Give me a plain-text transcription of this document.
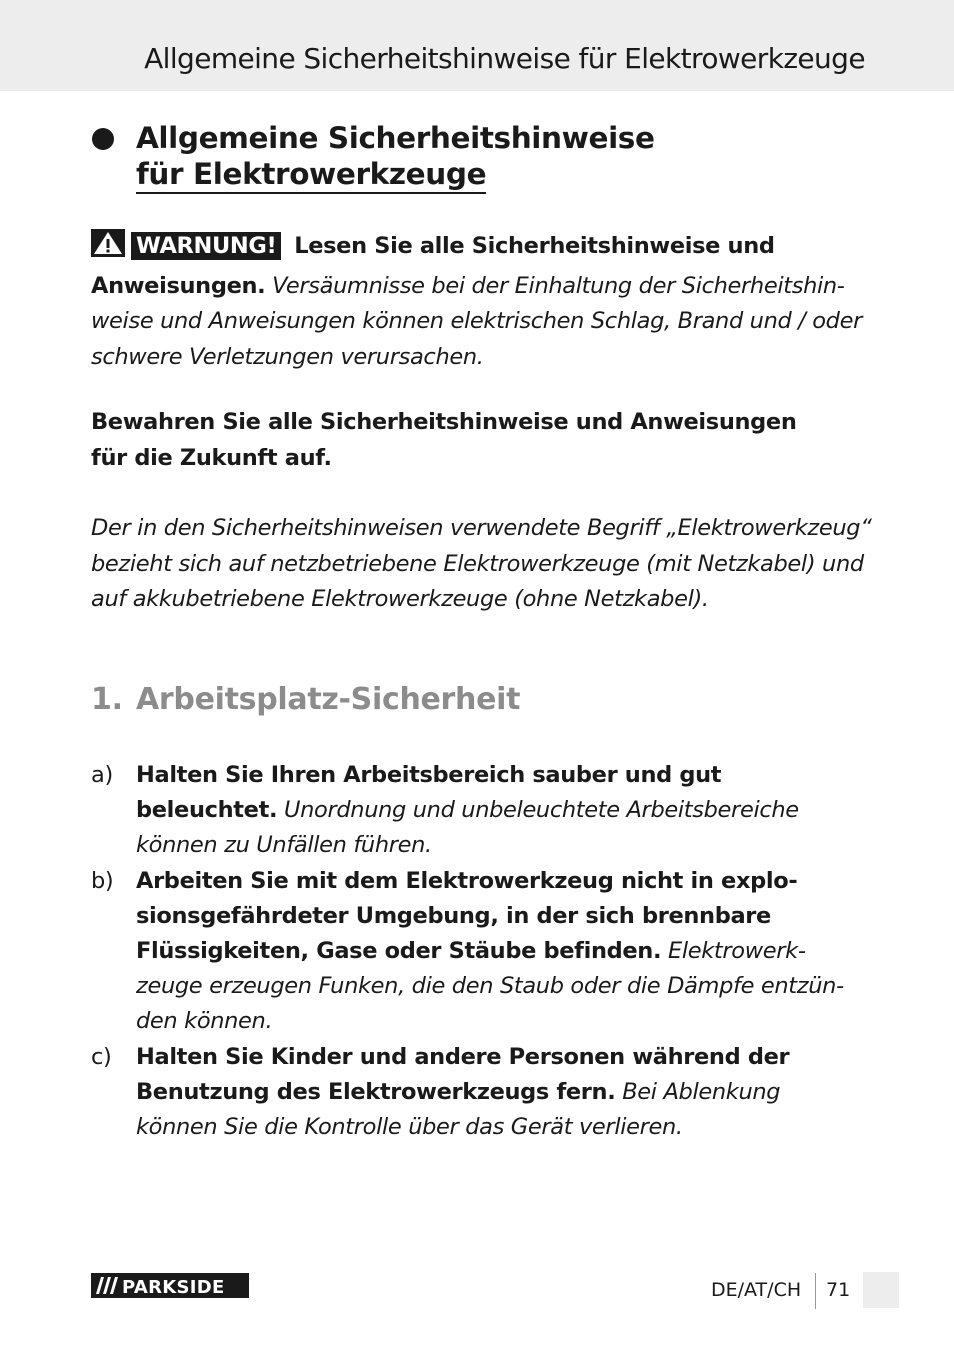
Allgemeine Sicherheitshinweise für Elektrowerkzeuge
Allgemeine Sicherheitshinweise
für Elektrowerkzeuge

WARNUNG! Lesen Sie alle Sicherheitshinweise und
Anweisungen. Versäumnisse bei der Einhaltung der Sicherheitshin-
weise und Anweisungen können elektrischen Schlag, Brand und / oder
schwere Verletzungen verursachen.

Bewahren Sie alle Sicherheitshinweise und Anweisungen
für die Zukunft auf.

Der in den Sicherheitshinweisen verwendete Begriff „Elektrowerkzeug“
bezieht sich auf netzbetriebene Elektrowerkzeuge (mit Netzkabel) und
auf akkubetriebene Elektrowerkzeuge (ohne Netzkabel).

1. Arbeitsplatz-Sicherheit

a) Halten Sie Ihren Arbeitsbereich sauber und gut
beleuchtet. Unordnung und unbeleuchtete Arbeitsbereiche
können zu Unfällen führen.

b) Arbeiten Sie mit dem Elektrowerkzeug nicht in explo-
sionsgefährdeter Umgebung, in der sich brennbare
Flüssigkeiten, Gase oder Stäube befinden. Elektrowerk-
zeuge erzeugen Funken, die den Staub oder die Dämpfe entzün-
den können.

c) Halten Sie Kinder und andere Personen während der
Benutzung des Elektrowerkzeugs fern. Bei Ablenkung
können Sie die Kontrolle über das Gerät verlieren.

PARKSIDE	DE/AT/CH 71
